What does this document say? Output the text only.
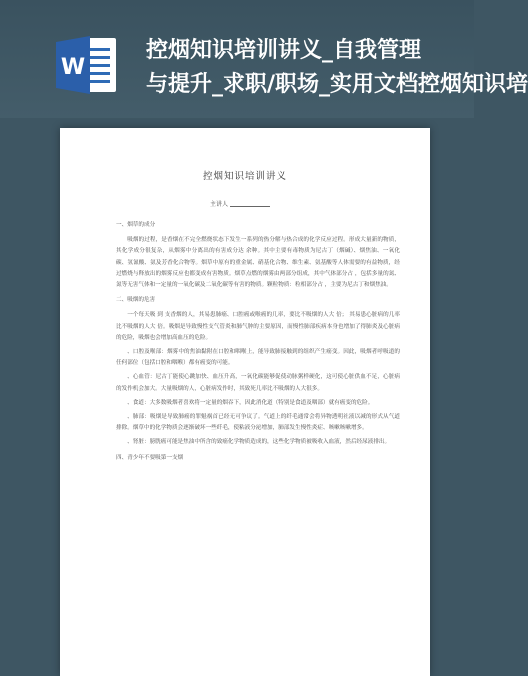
W
控烟知识培训讲义_自我管理
与提升_求职/职场_实用文档控烟知识培
控烟知识培训讲义
主讲人
一、烟草的成分

吸烟的过程，是香烟在不完全燃烧状态下发生一系列的热分解与热合成的化学反应过程。形成大量新的物质，其化学成分很复杂，从烟雾中分离出的有害成分达 余种。其中主要有毒物质为尼古丁（烟碱）、烟焦油、一氧化碳、氢氰酸、氨及芳香化合物等。烟草中原有的重金属、硝基化合物、维生素、氨基酸等人体需要的有益物质，经过燃烧与释放出的烟雾反应也都变成有害物质。烟草点燃的烟雾由两部分组成，其中气体部分占 ，包括多量的氮、氮等无害气体和一定量的一氧化碳及二氧化碳等有害的物质。颗粒物质：粒相部分占 ，主要为尼古丁和烟焦油。

二、吸烟的危害

一个每天吸 到 支香烟的人，其易患肺癌、口腔癌或喉癌的几率，要比不吸烟的人大 倍； 其易患心脏病的几率比不吸烟的人大 倍。吸烟是导致慢性支气管炎和肺气肿的主要原因，而慢性肺部疾病本身也增加了得肺炎及心脏病的危险，吸烟也会增加高血压的危险。

、口腔及喉部：烟雾中的焦油黏附在口腔和咽喉上，能导致肺接触到的组织产生癌变。因此，吸烟者呼吸道的任何部位（包括口腔和咽喉）都有癌变的可能。

、心血管：尼古丁能使心跳加快、血压升高，一氧化碳能够促使动脉粥样硬化，这可使心脏供血不足，心脏病的发作机会加大。大量吸烟的人，心脏病发作时，其致死几率比不吸烟的人大很多。

、食道：大多数吸烟者喜欢将一定量的烟吞下，因此消化道（特别是食道及咽部）就有癌变的危险。

、肺部：吸烟是导致肺癌的罪魁祸首已经无可争议了。气道上的纤毛通常会将异物透明社液以减的形式从气道排除。烟草中的化学物质会逐渐破坏一些纤毛，使粘液分泌增加，肺部发生慢性炎症、咳嗽咳嗽增多。

、肾脏：膀胱癌可能是焦油中所含的致癌化学物质造成的，这些化学物质被吸收入血液，然后经尿液排出。

四、青少年不要吸第一支烟
